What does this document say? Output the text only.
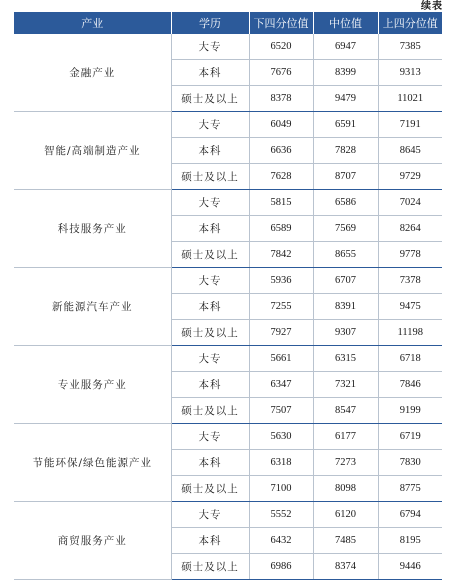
续表
产业	学历	下四分位值	中位值	上四分位值
金融产业	大专	6520	6947	7385
	本科	7676	8399	9313
	硕士及以上	8378	9479	11021
智能/高端制造产业	大专	6049	6591	7191
	本科	6636	7828	8645
	硕士及以上	7628	8707	9729
科技服务产业	大专	5815	6586	7024
	本科	6589	7569	8264
	硕士及以上	7842	8655	9778
新能源汽车产业	大专	5936	6707	7378
	本科	7255	8391	9475
	硕士及以上	7927	9307	11198
专业服务产业	大专	5661	6315	6718
	本科	6347	7321	7846
	硕士及以上	7507	8547	9199
节能环保/绿色能源产业	大专	5630	6177	6719
	本科	6318	7273	7830
	硕士及以上	7100	8098	8775
商贸服务产业	大专	5552	6120	6794
	本科	6432	7485	8195
	硕士及以上	6986	8374	9446
